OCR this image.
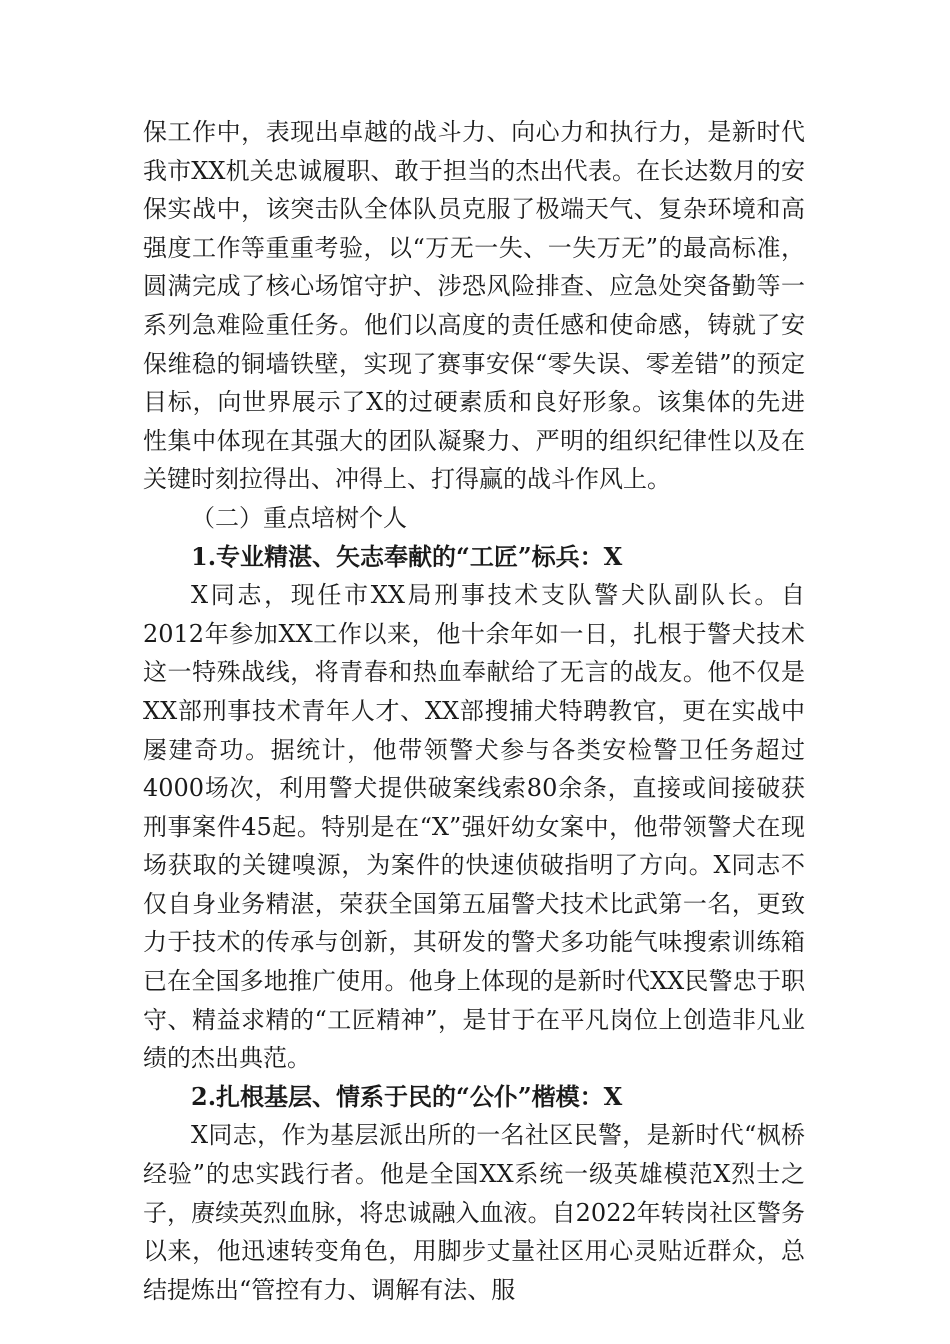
保工作中，表现出卓越的战斗力、向心力和执行力，是新时代我市XX机关忠诚履职、敢于担当的杰出代表。在长达数月的安保实战中，该突击队全体队员克服了极端天气、复杂环境和高强度工作等重重考验，以“万无一失、一失万无”的最高标准，圆满完成了核心场馆守护、涉恐风险排查、应急处突备勤等一系列急难险重任务。他们以高度的责任感和使命感，铸就了安保维稳的铜墙铁壁，实现了赛事安保“零失误、零差错”的预定目标，向世界展示了X的过硬素质和良好形象。该集体的先进性集中体现在其强大的团队凝聚力、严明的组织纪律性以及在关键时刻拉得出、冲得上、打得赢的战斗作风上。

（二）重点培树个人

1.专业精湛、矢志奉献的“工匠”标兵：X

X同志，现任市XX局刑事技术支队警犬队副队长。自2012年参加XX工作以来，他十余年如一日，扎根于警犬技术这一特殊战线，将青春和热血奉献给了无言的战友。他不仅是XX部刑事技术青年人才、XX部搜捕犬特聘教官，更在实战中屡建奇功。据统计，他带领警犬参与各类安检警卫任务超过4000场次，利用警犬提供破案线索80余条，直接或间接破获刑事案件45起。特别是在“X”强奸幼女案中，他带领警犬在现场获取的关键嗅源，为案件的快速侦破指明了方向。X同志不仅自身业务精湛，荣获全国第五届警犬技术比武第一名，更致力于技术的传承与创新，其研发的警犬多功能气味搜索训练箱已在全国多地推广使用。他身上体现的是新时代XX民警忠于职守、精益求精的“工匠精神”，是甘于在平凡岗位上创造非凡业绩的杰出典范。

2.扎根基层、情系于民的“公仆”楷模：X

X同志，作为基层派出所的一名社区民警，是新时代“枫桥经验”的忠实践行者。他是全国XX系统一级英雄模范X烈士之子，赓续英烈血脉，将忠诚融入血液。自2022年转岗社区警务以来，他迅速转变角色，用脚步丈量社区用心灵贴近群众，总结提炼出“管控有力、调解有法、服
